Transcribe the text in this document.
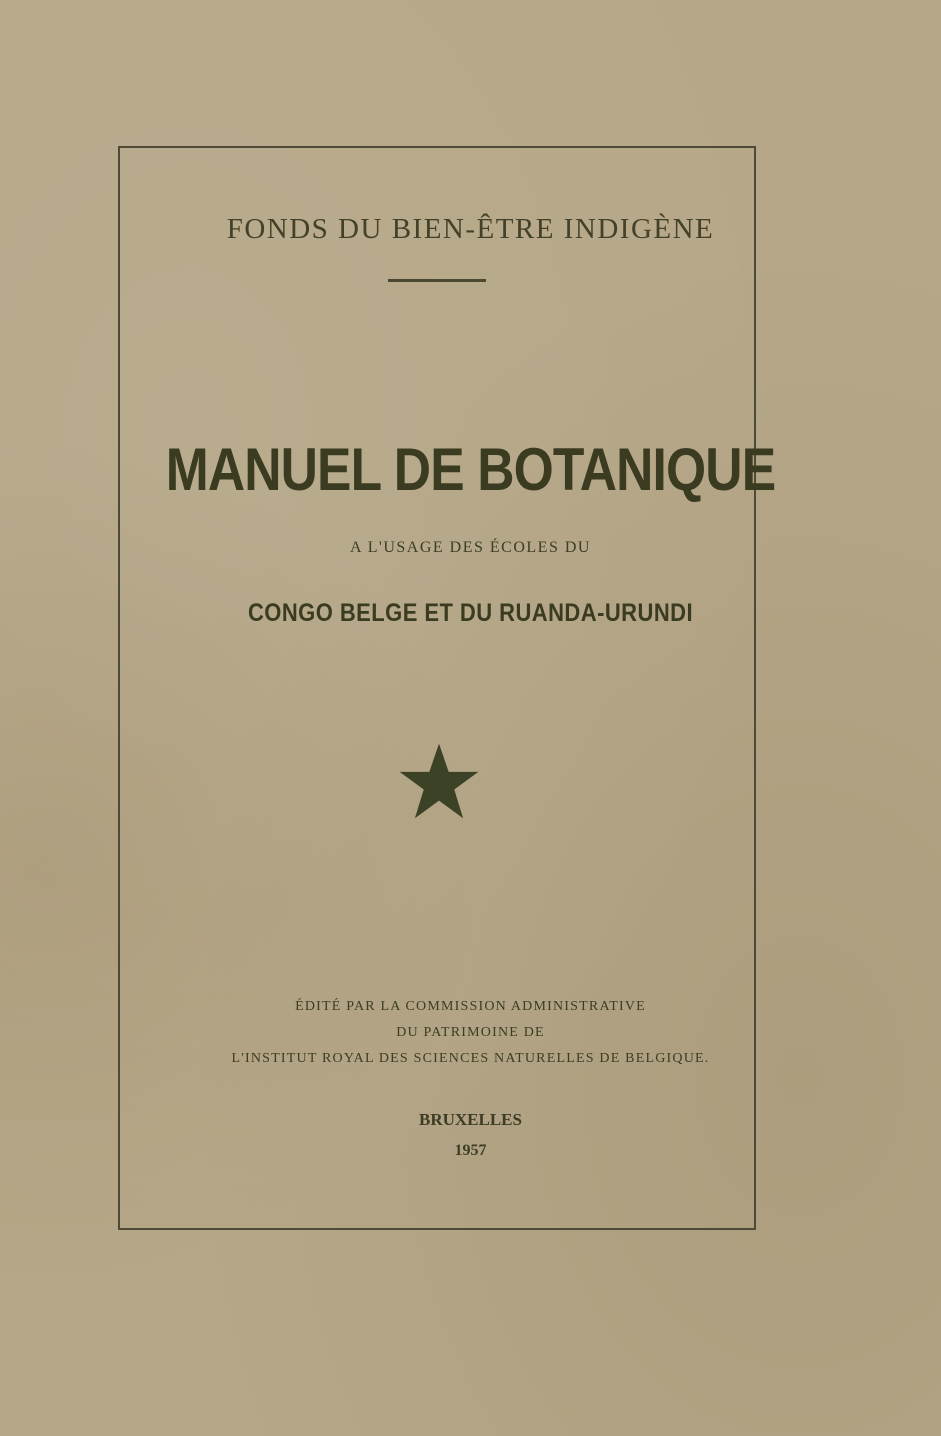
FONDS DU BIEN-ÊTRE INDIGÈNE
MANUEL DE BOTANIQUE
A L'USAGE DES ÉCOLES DU
CONGO BELGE ET DU RUANDA-URUNDI
ÉDITÉ PAR LA COMMISSION ADMINISTRATIVE
DU PATRIMOINE DE
L'INSTITUT ROYAL DES SCIENCES NATURELLES DE BELGIQUE.
BRUXELLES
1957
